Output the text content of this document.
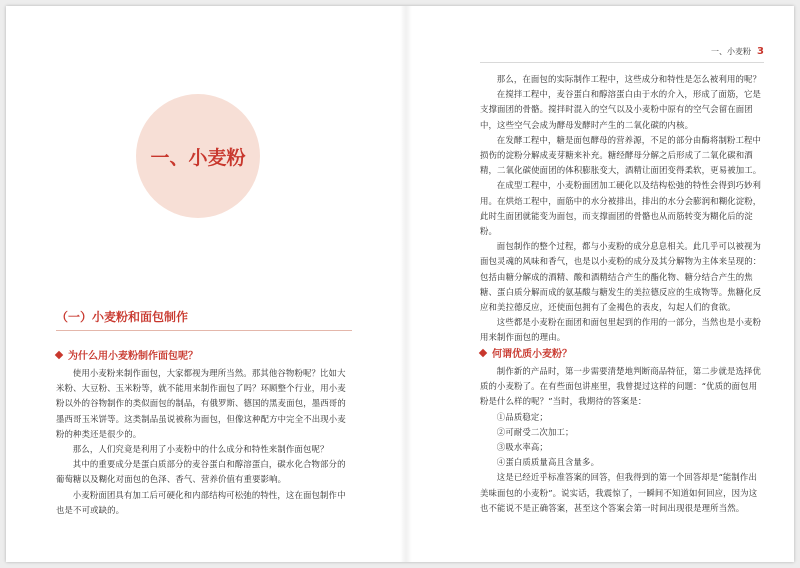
一、小麦粉
（一）小麦粉和面包制作
为什么用小麦粉制作面包呢？

使用小麦粉来制作面包，大家都视为理所当然。那其他谷物粉呢？比如大米粉、大豆粉、玉米粉等，就不能用来制作面包了吗？环顾整个行业，用小麦粉以外的谷物制作的类似面包的制品，有俄罗斯、德国的黑麦面包，墨西哥的墨西哥玉米饼等。这类制品虽说被称为面包，但像这种配方中完全不出现小麦粉的种类还是很少的。

那么，人们究竟是利用了小麦粉中的什么成分和特性来制作面包呢？

其中的重要成分是蛋白质部分的麦谷蛋白和醇溶蛋白，碳水化合物部分的葡萄糖以及糊化对面包的色泽、香气、营养价值有重要影响。

小麦粉面团具有加工后可硬化和内部结构可松弛的特性，这在面包制作中也是不可或缺的。

一、小麦粉 3

那么，在面包的实际制作工程中，这些成分和特性是怎么被利用的呢？

在搅拌工程中，麦谷蛋白和醇溶蛋白由于水的介入，形成了面筋，它是支撑面团的骨骼。搅拌时混入的空气以及小麦粉中原有的空气会留在面团中，这些空气会成为酵母发酵时产生的二氧化碳的内核。

在发酵工程中，糖是面包酵母的营养源，不足的部分由酶将制粉工程中损伤的淀粉分解成麦芽糖来补充。糖经酵母分解之后形成了二氧化碳和酒精，二氧化碳使面团的体积膨胀变大，酒精让面团变得柔软，更易被加工。

在成型工程中，小麦粉面团加工硬化以及结构松弛的特性会得到巧妙利用。在烘焙工程中，面筋中的水分被排出，排出的水分会膨润和糊化淀粉，此时生面团就能变为面包，而支撑面团的骨骼也从而筋转变为糊化后的淀粉。

面包制作的整个过程，都与小麦粉的成分息息相关。此几乎可以被视为面包灵魂的风味和香气，也是以小麦粉的成分及其分解物为主体来呈现的：包括由糖分解成的酒精、酸和酒精结合产生的酯化物、糖分结合产生的焦糖、蛋白质分解而成的氨基酸与糖发生的美拉德反应的生成物等。焦糖化反应和美拉德反应，还使面包拥有了金褐色的表皮，勾起人们的食欲。

这些都是小麦粉在面团和面包里起到的作用的一部分，当然也是小麦粉用来制作面包的理由。

何谓优质小麦粉？

制作新的产品时，第一步需要清楚地判断商品特征，第二步就是选择优质的小麦粉了。在有些面包讲座里，我曾提过这样的问题：“优质的面包用粉是什么样的呢？”当时，我期待的答案是：

①品质稳定；

②可耐受二次加工；

③吸水率高；

④蛋白质质量高且含量多。

这是已经近乎标准答案的回答，但我得到的第一个回答却是“能制作出美味面包的小麦粉”。说实话，我震惊了，一瞬间不知道如何回应，因为这也不能说不是正确答案，甚至这个答案会第一时间出现很是理所当然。
